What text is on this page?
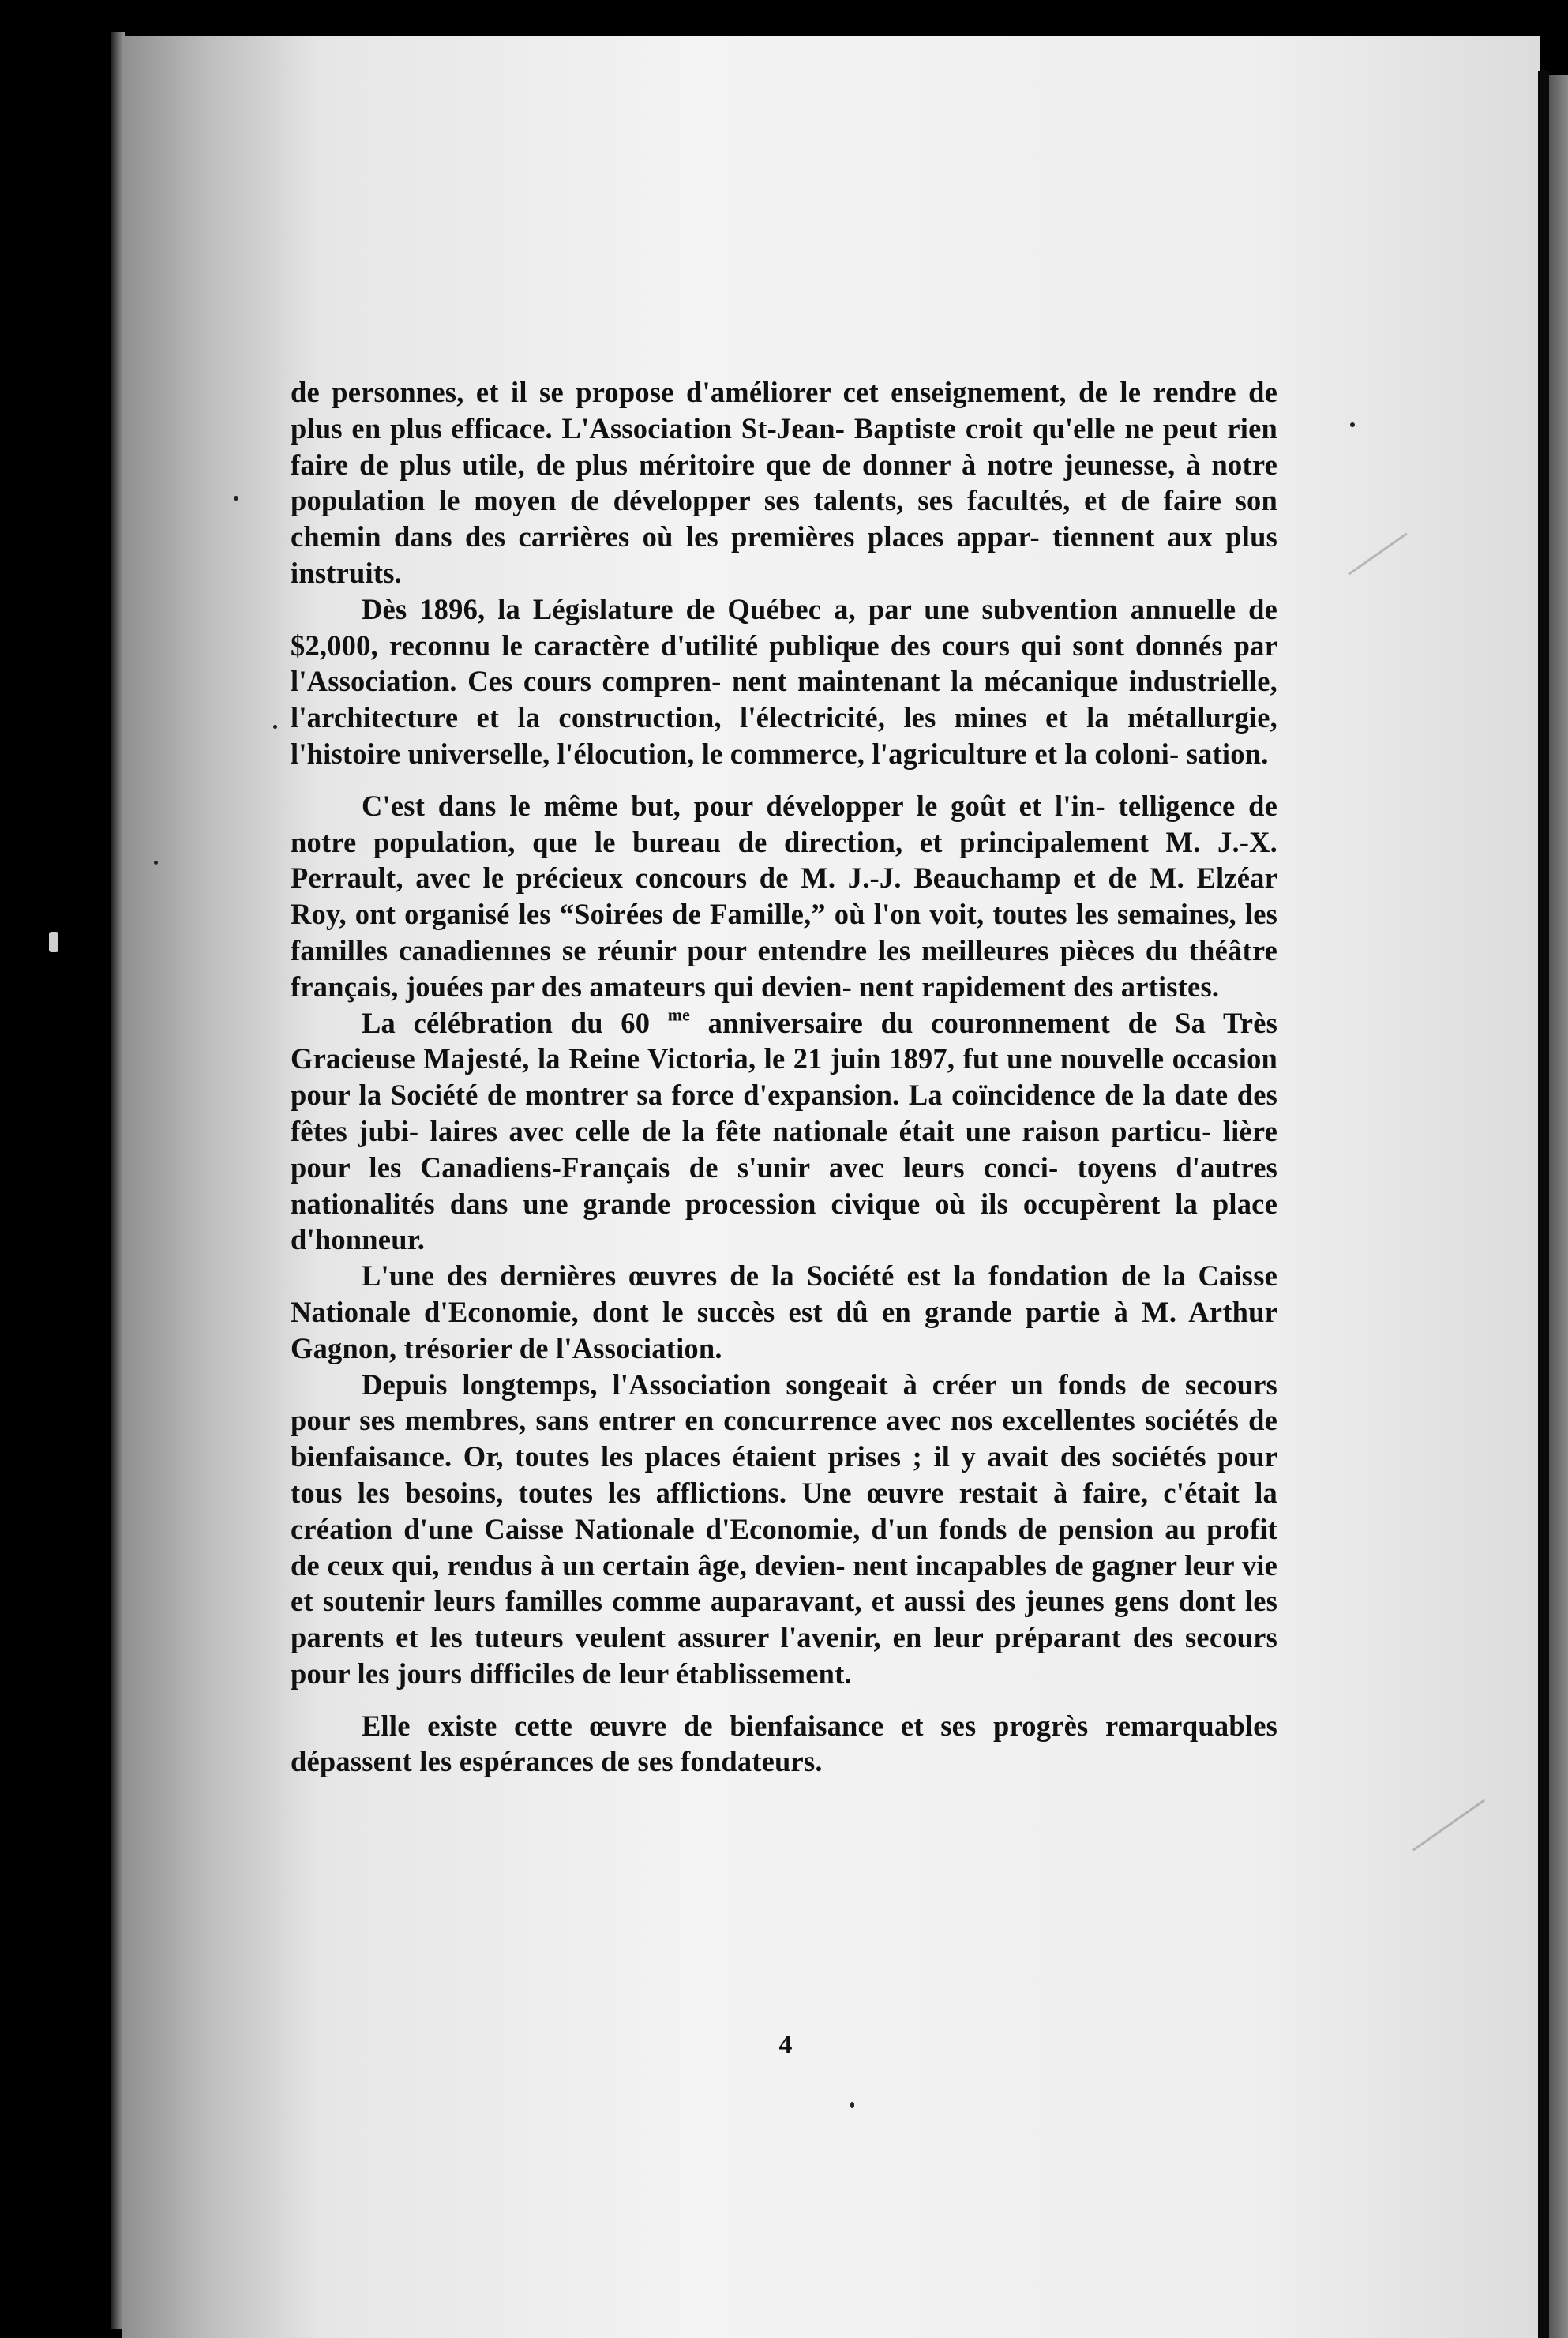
de personnes, et il se propose d'améliorer cet enseignement, de le rendre de plus en plus efficace. L'Association St-Jean- Baptiste croit qu'elle ne peut rien faire de plus utile, de plus méritoire que de donner à notre jeunesse, à notre population le moyen de développer ses talents, ses facultés, et de faire son chemin dans des carrières où les premières places appar- tiennent aux plus instruits.

Dès 1896, la Législature de Québec a, par une subvention annuelle de $2,000, reconnu le caractère d'utilité publique des cours qui sont donnés par l'Association. Ces cours compren- nent maintenant la mécanique industrielle, l'architecture et la construction, l'électricité, les mines et la métallurgie, l'histoire universelle, l'élocution, le commerce, l'agriculture et la coloni- sation.

C'est dans le même but, pour développer le goût et l'in- telligence de notre population, que le bureau de direction, et principalement M. J.-X. Perrault, avec le précieux concours de M. J.-J. Beauchamp et de M. Elzéar Roy, ont organisé les “Soirées de Famille,” où l'on voit, toutes les semaines, les familles canadiennes se réunir pour entendre les meilleures pièces du théâtre français, jouées par des amateurs qui devien- nent rapidement des artistes.

La célébration du 60 $^{me}$ anniversaire du couronnement de Sa Très Gracieuse Majesté, la Reine Victoria, le 21 juin 1897, fut une nouvelle occasion pour la Société de montrer sa force d'expansion. La coïncidence de la date des fêtes jubi- laires avec celle de la fête nationale était une raison particu- lière pour les Canadiens-Français de s'unir avec leurs conci- toyens d'autres nationalités dans une grande procession civique où ils occupèrent la place d'honneur.

L'une des dernières œuvres de la Société est la fondation de la Caisse Nationale d'Economie, dont le succès est dû en grande partie à M. Arthur Gagnon, trésorier de l'Association.

Depuis longtemps, l'Association songeait à créer un fonds de secours pour ses membres, sans entrer en concurrence avec nos excellentes sociétés de bienfaisance. Or, toutes les places étaient prises ; il y avait des sociétés pour tous les besoins, toutes les afflictions. Une œuvre restait à faire, c'était la création d'une Caisse Nationale d'Economie, d'un fonds de pension au profit de ceux qui, rendus à un certain âge, devien- nent incapables de gagner leur vie et soutenir leurs familles comme auparavant, et aussi des jeunes gens dont les parents et les tuteurs veulent assurer l'avenir, en leur préparant des secours pour les jours difficiles de leur établissement.

Elle existe cette œuvre de bienfaisance et ses progrès remarquables dépassent les espérances de ses fondateurs.

4
